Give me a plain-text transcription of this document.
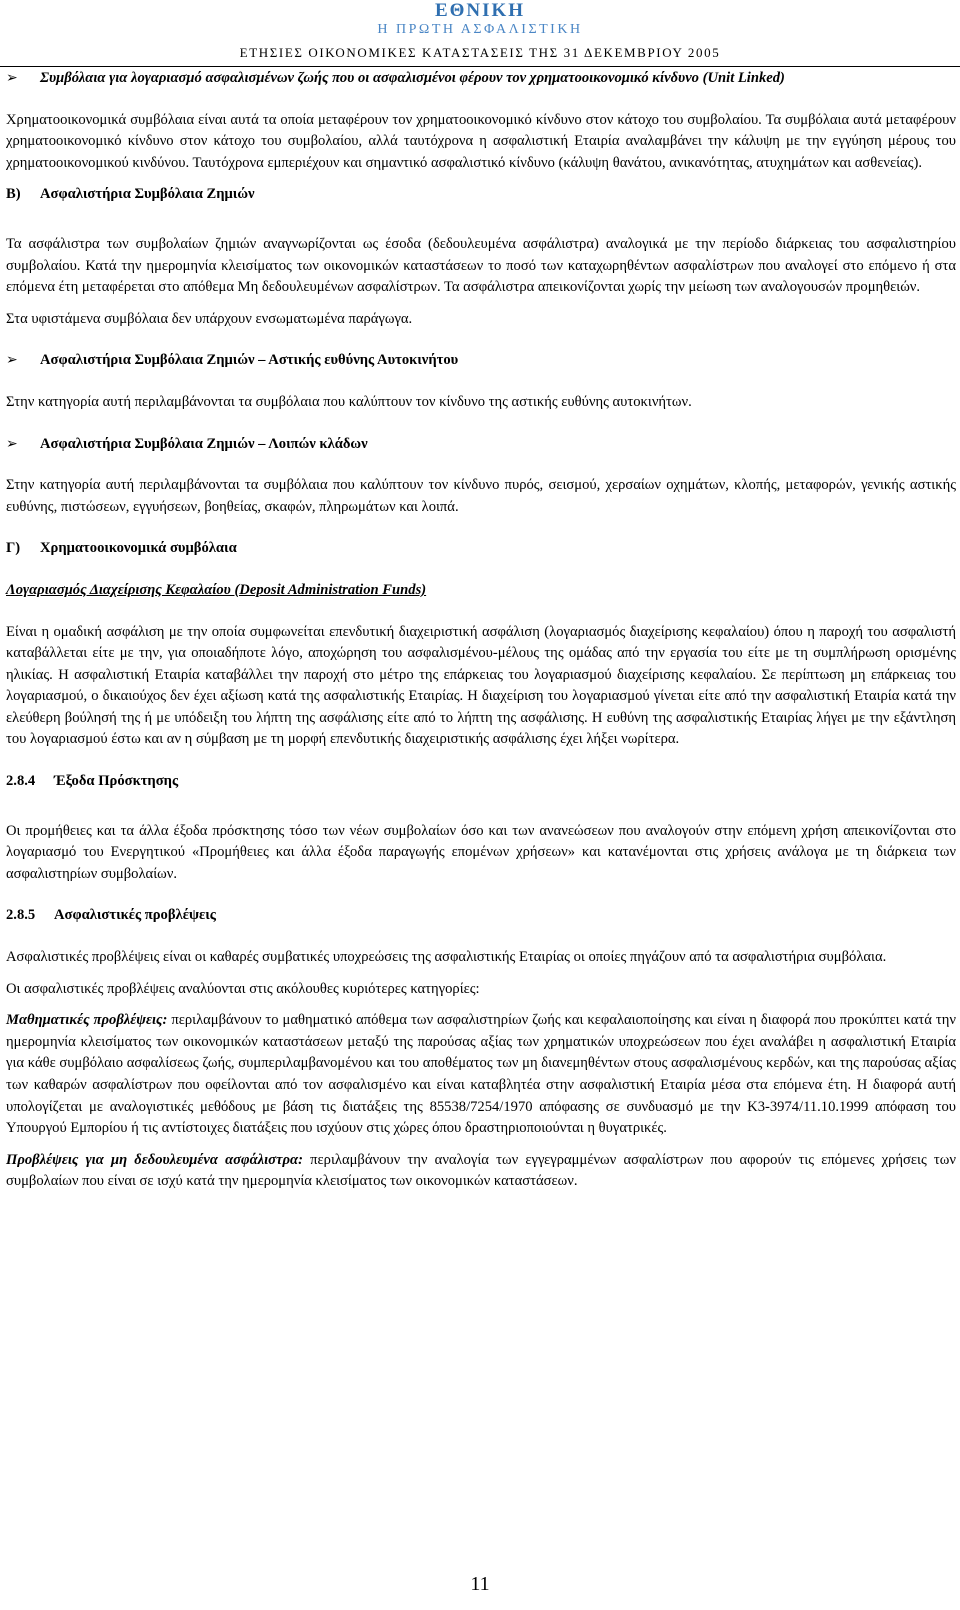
ΕΘΝΙΚΗ
Η ΠΡΩΤΗ ΑΣΦΑΛΙΣΤΙΚΗ
ΕΤΗΣΙΕΣ ΟΙΚΟΝΟΜΙΚΕΣ ΚΑΤΑΣΤΑΣΕΙΣ ΤΗΣ 31 ΔΕΚΕΜΒΡΙΟΥ 2005
➢	Συμβόλαια για λογαριασμό ασφαλισμένων ζωής που οι ασφαλισμένοι φέρουν τον χρηματοοικονομικό κίνδυνο (Unit Linked)

Χρηματοοικονομικά συμβόλαια είναι αυτά τα οποία μεταφέρουν τον χρηματοοικονομικό κίνδυνο στον κάτοχο του συμβολαίου. Τα συμβόλαια αυτά μεταφέρουν χρηματοοικονομικό κίνδυνο στον κάτοχο του συμβολαίου, αλλά ταυτόχρονα η ασφαλιστική Εταιρία αναλαμβάνει την κάλυψη με την εγγύηση μέρους του χρηματοοικονομικού κινδύνου. Ταυτόχρονα εμπεριέχουν και σημαντικό ασφαλιστικό κίνδυνο (κάλυψη θανάτου, ανικανότητας, ατυχημάτων και ασθενείας).

Β)	Ασφαλιστήρια Συμβόλαια Ζημιών

Τα ασφάλιστρα των συμβολαίων ζημιών αναγνωρίζονται ως έσοδα (δεδουλευμένα ασφάλιστρα) αναλογικά με την περίοδο διάρκειας του ασφαλιστηρίου συμβολαίου. Κατά την ημερομηνία κλεισίματος των οικονομικών καταστάσεων το ποσό των καταχωρηθέντων ασφαλίστρων που αναλογεί στο επόμενο ή στα επόμενα έτη μεταφέρεται στο απόθεμα Μη δεδουλευμένων ασφαλίστρων. Τα ασφάλιστρα απεικονίζονται χωρίς την μείωση των αναλογουσών προμηθειών.

Στα υφιστάμενα συμβόλαια δεν υπάρχουν ενσωματωμένα παράγωγα.

➢	Ασφαλιστήρια Συμβόλαια Ζημιών – Αστικής ευθύνης Αυτοκινήτου

Στην κατηγορία αυτή περιλαμβάνονται τα συμβόλαια που καλύπτουν τον κίνδυνο της αστικής ευθύνης αυτοκινήτων.

➢	Ασφαλιστήρια Συμβόλαια Ζημιών – Λοιπών κλάδων

Στην κατηγορία αυτή περιλαμβάνονται τα συμβόλαια που καλύπτουν τον κίνδυνο πυρός, σεισμού, χερσαίων οχημάτων, κλοπής, μεταφορών, γενικής αστικής ευθύνης, πιστώσεων, εγγυήσεων, βοηθείας, σκαφών, πληρωμάτων και λοιπά.

Γ)	Χρηματοοικονομικά συμβόλαια

Λογαριασμός Διαχείρισης Κεφαλαίου (Deposit Administration Funds)

Είναι η ομαδική ασφάλιση με την οποία συμφωνείται επενδυτική διαχειριστική ασφάλιση (λογαριασμός διαχείρισης κεφαλαίου) όπου η παροχή του ασφαλιστή καταβάλλεται είτε με την, για οποιαδήποτε λόγο, αποχώρηση του ασφαλισμένου-μέλους της ομάδας από την εργασία του είτε με τη συμπλήρωση ορισμένης ηλικίας. Η ασφαλιστική Εταιρία καταβάλλει την παροχή στο μέτρο της επάρκειας του λογαριασμού διαχείρισης κεφαλαίου. Σε περίπτωση μη επάρκειας του λογαριασμού, ο δικαιούχος δεν έχει αξίωση κατά της ασφαλιστικής Εταιρίας. Η διαχείριση του λογαριασμού γίνεται είτε από την ασφαλιστική Εταιρία κατά την ελεύθερη βούλησή της ή με υπόδειξη του λήπτη της ασφάλισης είτε από το λήπτη της ασφάλισης. Η ευθύνη της ασφαλιστικής Εταιρίας λήγει με την εξάντληση του λογαριασμού έστω και αν η σύμβαση με τη μορφή επενδυτικής διαχειριστικής ασφάλισης έχει λήξει νωρίτερα.

2.8.4	Έξοδα Πρόσκτησης

Οι προμήθειες και τα άλλα έξοδα πρόσκτησης τόσο των νέων συμβολαίων όσο και των ανανεώσεων που αναλογούν στην επόμενη χρήση απεικονίζονται στο λογαριασμό του Ενεργητικού «Προμήθειες και άλλα έξοδα παραγωγής επομένων χρήσεων» και κατανέμονται στις χρήσεις ανάλογα με τη διάρκεια των ασφαλιστηρίων συμβολαίων.

2.8.5	Ασφαλιστικές προβλέψεις

Ασφαλιστικές προβλέψεις είναι οι καθαρές συμβατικές υποχρεώσεις της ασφαλιστικής Εταιρίας οι οποίες πηγάζουν από τα ασφαλιστήρια συμβόλαια.

Οι ασφαλιστικές προβλέψεις αναλύονται στις ακόλουθες κυριότερες κατηγορίες:

Μαθηματικές προβλέψεις: περιλαμβάνουν το μαθηματικό απόθεμα των ασφαλιστηρίων ζωής και κεφαλαιοποίησης και είναι η διαφορά που προκύπτει κατά την ημερομηνία κλεισίματος των οικονομικών καταστάσεων μεταξύ της παρούσας αξίας των χρηματικών υποχρεώσεων που έχει αναλάβει η ασφαλιστική Εταιρία για κάθε συμβόλαιο ασφαλίσεως ζωής, συμπεριλαμβανομένου και του αποθέματος των μη διανεμηθέντων στους ασφαλισμένους κερδών, και της παρούσας αξίας των καθαρών ασφαλίστρων που οφείλονται από τον ασφαλισμένο και είναι καταβλητέα στην ασφαλιστική Εταιρία μέσα στα επόμενα έτη. Η διαφορά αυτή υπολογίζεται με αναλογιστικές μεθόδους με βάση τις διατάξεις της 85538/7254/1970 απόφασης σε συνδυασμό με την Κ3-3974/11.10.1999 απόφαση του Υπουργού Εμπορίου ή τις αντίστοιχες διατάξεις που ισχύουν στις χώρες όπου δραστηριοποιούνται η θυγατρικές.

Προβλέψεις για μη δεδουλευμένα ασφάλιστρα: περιλαμβάνουν την αναλογία των εγγεγραμμένων ασφαλίστρων που αφορούν τις επόμενες χρήσεις των συμβολαίων που είναι σε ισχύ κατά την ημερομηνία κλεισίματος των οικονομικών καταστάσεων.

11
